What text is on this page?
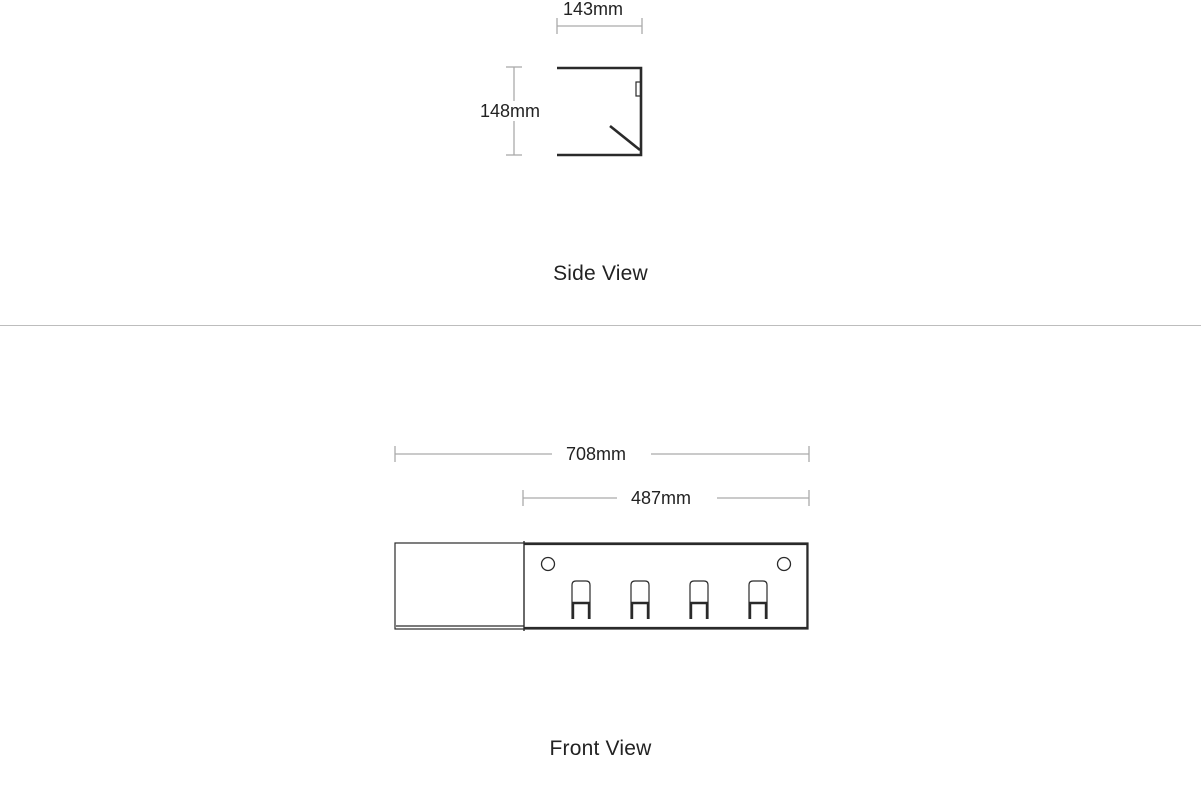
143mm
148mm
Side View
708mm
487mm
Front View
